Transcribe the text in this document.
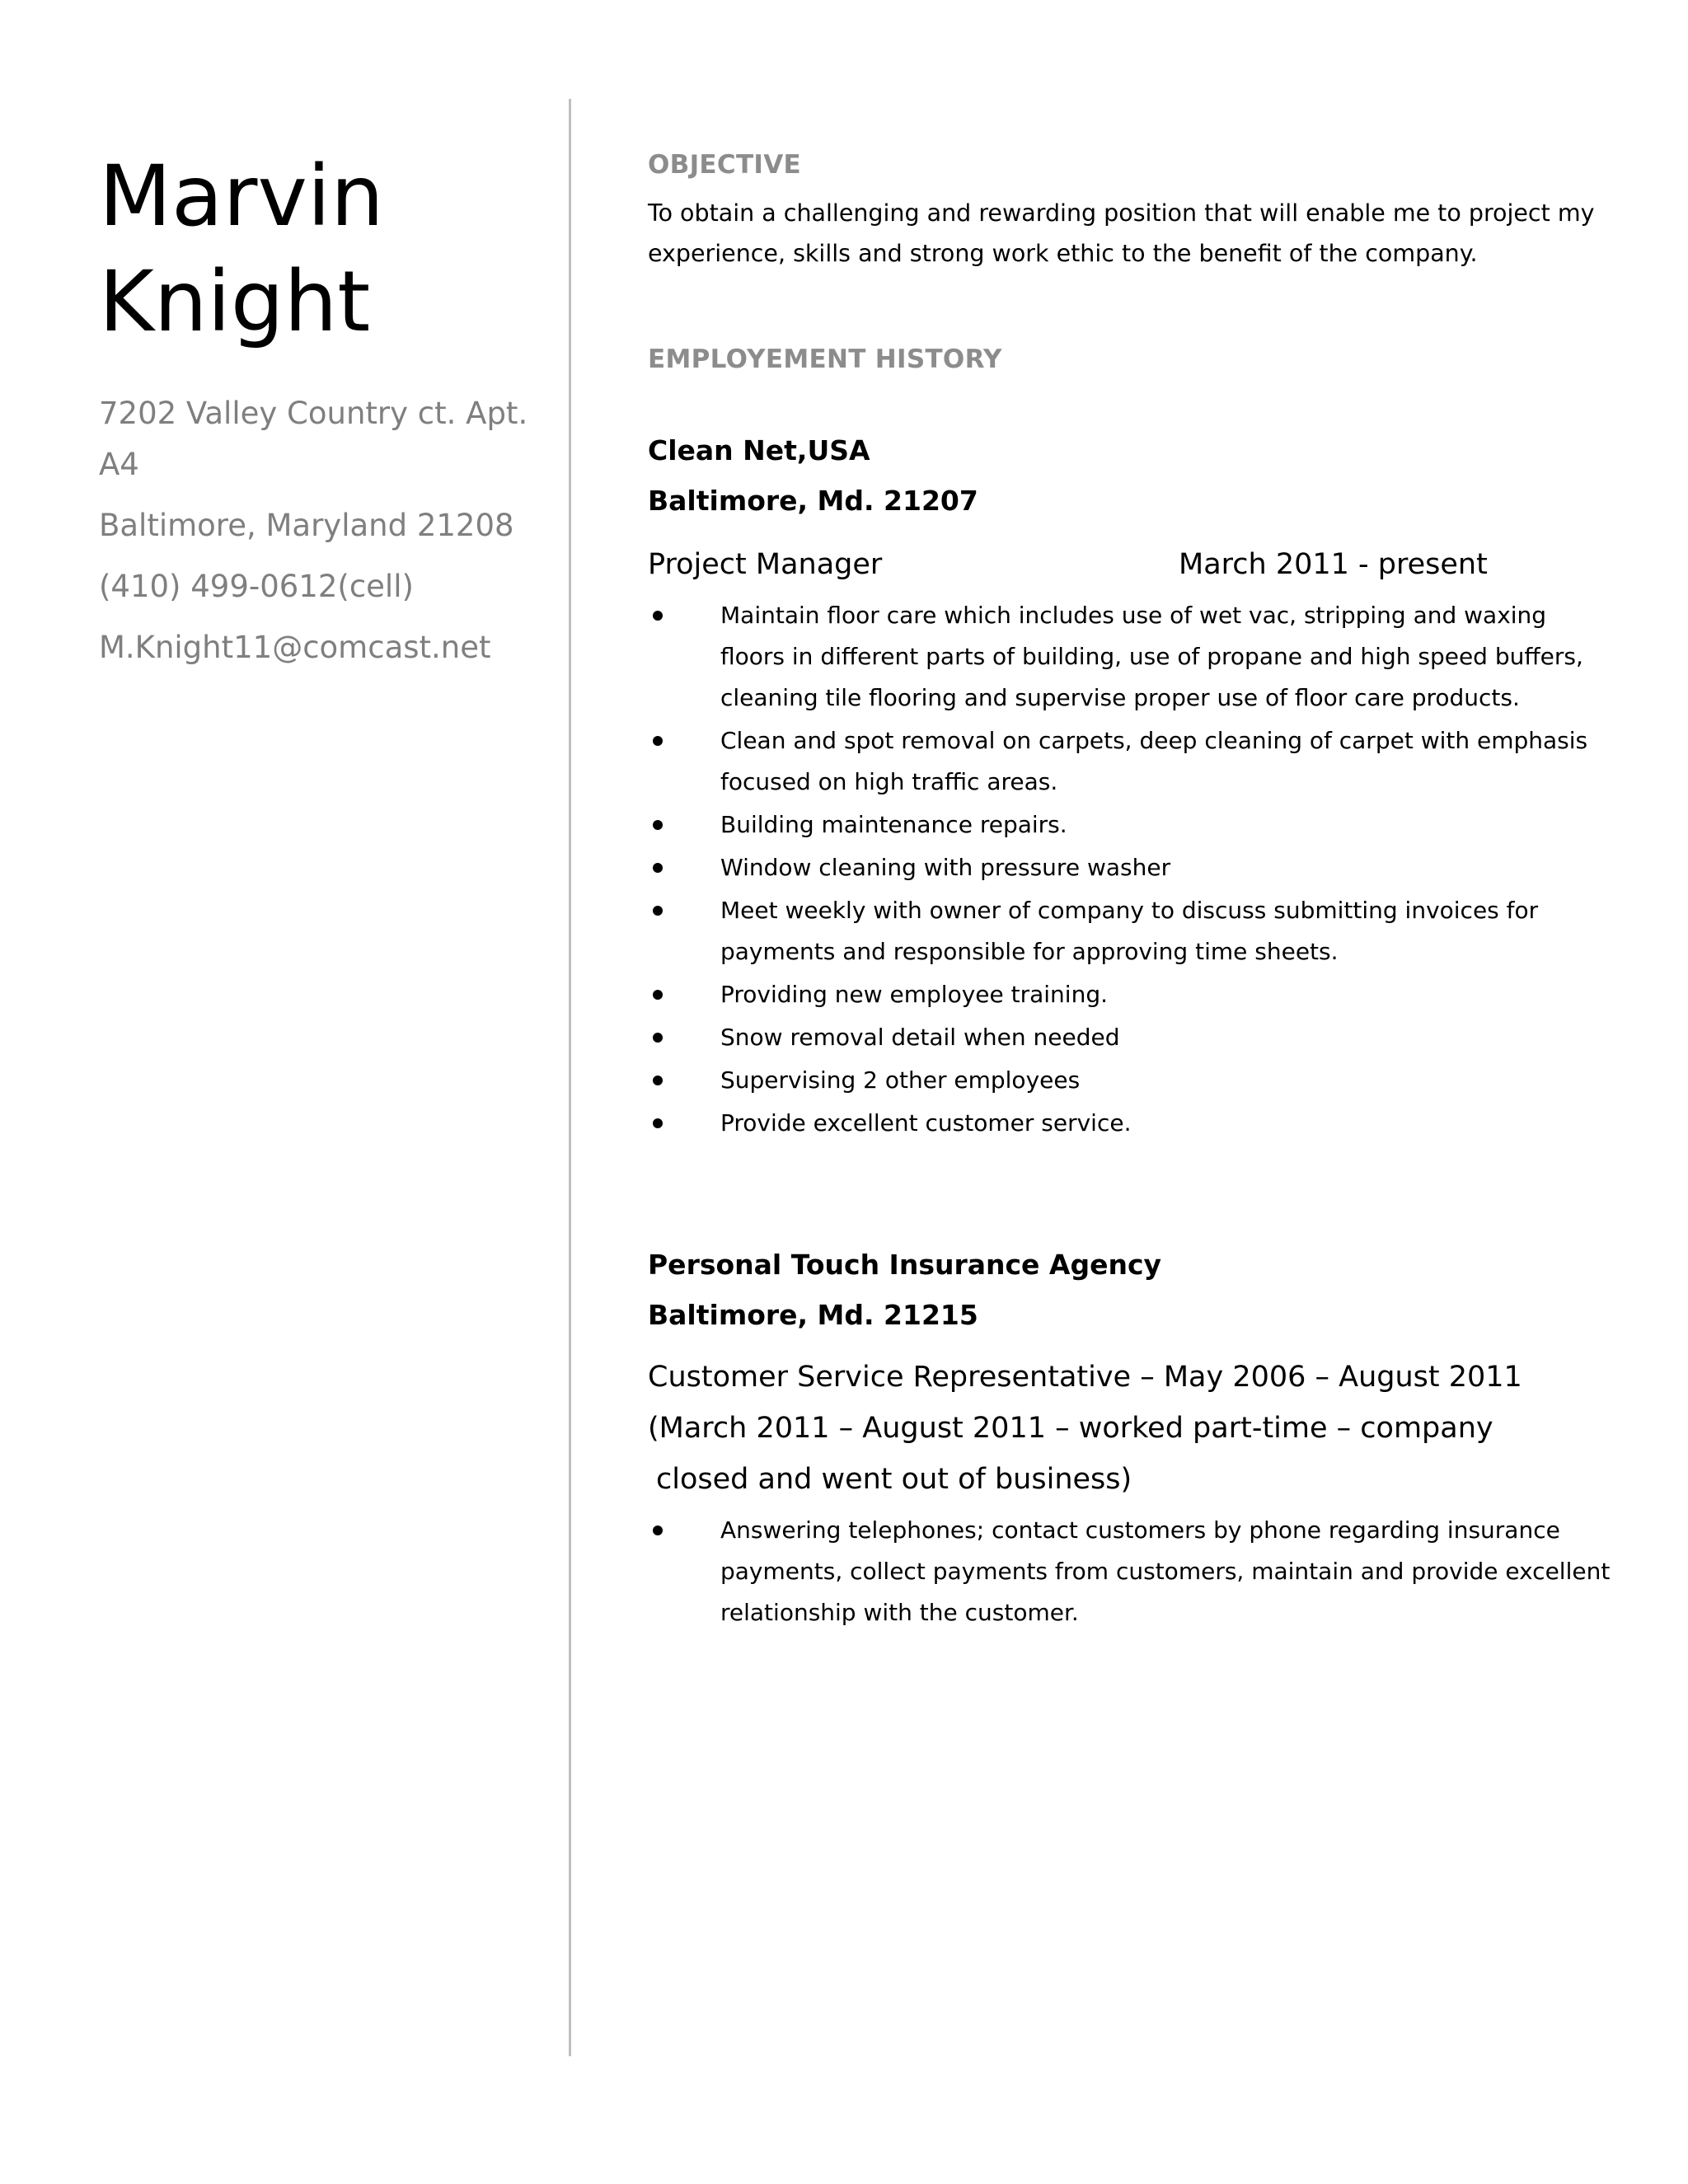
Marvin
Knight
7202 Valley Country ct. Apt.
A4
Baltimore, Maryland 21208
(410) 499-0612(cell)
M.Knight11@comcast.net
OBJECTIVE
To obtain a challenging and rewarding position that will enable me to project my
experience, skills and strong work ethic to the benefit of the company.
EMPLOYEMENT HISTORY
Clean Net,USA
Baltimore, Md. 21207
Project Manager	March 2011 - present
Maintain floor care which includes use of wet vac, stripping and waxing
floors in different parts of building, use of propane and high speed buffers,
cleaning tile flooring and supervise proper use of floor care products.
Clean and spot removal on carpets, deep cleaning of carpet with emphasis
focused on high traffic areas.
Building maintenance repairs.
Window cleaning with pressure washer
Meet weekly with owner of company to discuss submitting invoices for
payments and responsible for approving time sheets.
Providing new employee training.
Snow removal detail when needed
Supervising 2 other employees
Provide excellent customer service.
Personal Touch Insurance Agency
Baltimore, Md. 21215
Customer Service Representative – May 2006 – August 2011
(March 2011 – August 2011 – worked part-time – company
closed and went out of business)
Answering telephones; contact customers by phone regarding insurance
payments, collect payments from customers, maintain and provide excellent
relationship with the customer.
